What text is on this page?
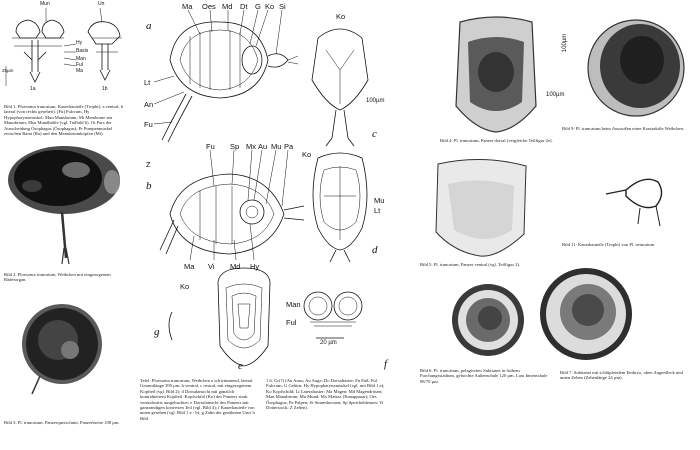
Mun	Un
Hy
Basis
Man
Ful
Ma
1a	1b
25µm
Bild 1: Ploesoma truncatum, Kauerkauteile (Trophi): a ventral, b lateral (von rechts gesehen). (Fu) Fulcrum, Hy Hypopharynxmuskel; Mun Manubrium; Mi Membrane am Manubrium; Mus Mundhöhle (vgl. Teilbild 6). Ot Pars der Ausscheidung Ösophagus (Ösophagus); Pr Pumpenmuskel zwischen Rami (Ra) und den Manubriumköpfen (Mi).
Bild 2. Ploesoma truncatum, Weibchen mit eingezogenem Räderorgan.
Bild 3: Pl. truncatum, Panzerquerschnitt, Panzerbreite 108 µm.
a
b
c
d
e	f
g
Ma Oes Md Dt G Ko Si
Lt
An
Fu
Fu Sp Mx Au Mu Pa
Z
Ma Vi Md Hy
Mu
Lt
Ko
100µm
Ko
Ko
Man
Ful
20 µm
Tafel: Ploesoma truncatum, Weibchen a schwimmend, lateral. Gesamtlänge 395 µm. b ventral, c rostral, mit eingezogenem Kopfteil (vgl. Bild 2); d Dorsalansicht mit gänzlich kontrahiertem Kopfteil. Kopfschild (Ko) des Panzers stark ventralwärts ausgebuchtet; e Dorsalansicht des Panzers mit ganzrandigen konvexen Teil (vgl. Bild 4); f Kauerkauteile von unten gesehen (vgl. Bild 1 a - b); g Zahn der gezähnten Unci b Bild
1 b. Gr(?) (An Anus; Au Auge; Do Dorsaltaster; Fu Fuß; Ful Fulcrum; G Gehirn; Hy Hypopharynxmuskel (vgl. mit Bild 1 a); Ko Kopfschild; Lt Lateraltaster; Ma Magen; Md Magendrüsen; Man Manubrium; Mu Mund; Mx Mastax (Kauapparat); Oes Ösophagus; Pa Palpen; Si Sinnesborsten; Sp Speicheldrüsen; Vi Dotterstock; Z Zehen).
100µm
Bild 4: Pl. truncatum, Panzer dorsal (vergleiche Teilfigur 2e).
100µm
Bild 9: Pl. truncatum beim Ausstoßen einer Kontraktile Weibchen.
Bild 5: Pl. truncatum, Panzer ventral (vgl. Teilfigur 2).
Bild 11: Kauerkauteile (Trophi) von Pl. truncatum
Bild 6: Pl. truncatum, pelagisches Subitanei in frühem Furchungsstadium, gefurchte Außenschale 120 µm. Lass Innenschale 98/70 µm.
Bild 7: Subitanei mit schlüpfendem Embryo, oben Augenfleck und unten Zehen (Zehenlänge 24 µm).
